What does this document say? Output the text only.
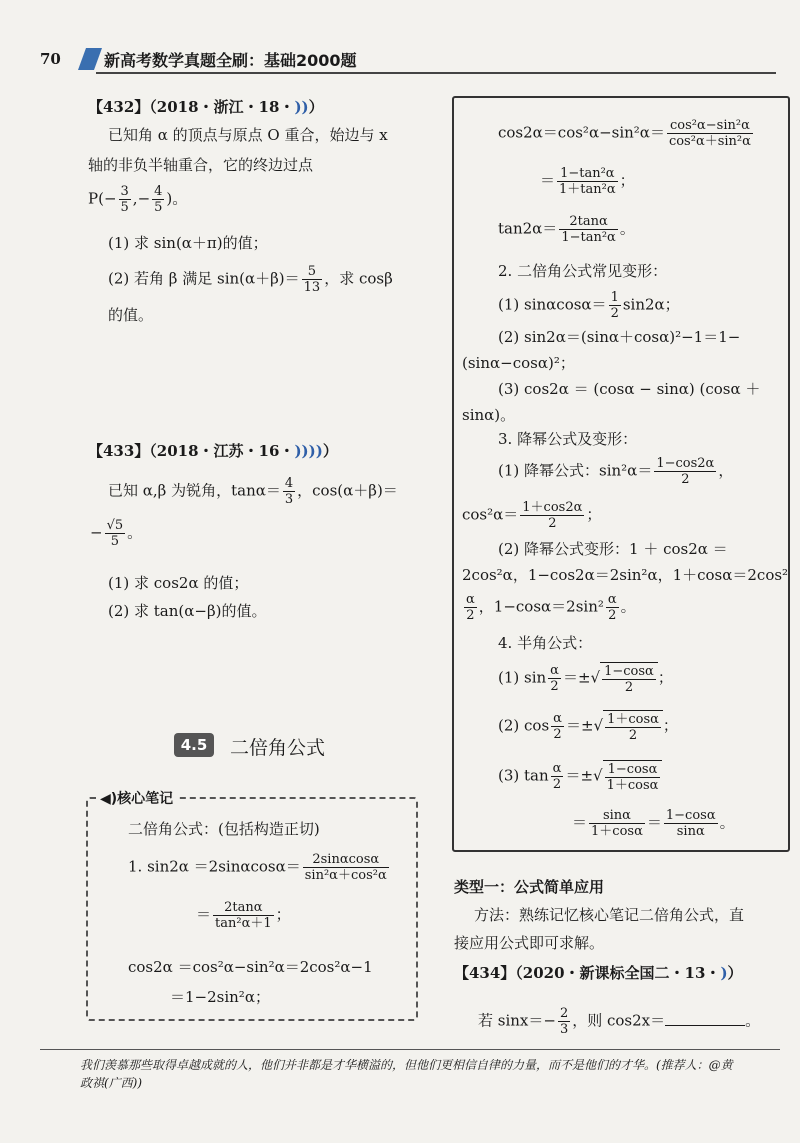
70	新高考数学真题全刷：基础2000题
【432】（2018・浙江・18・))）
已知角 α 的顶点与原点 O 重合，始边与 x
轴的非负半轴重合，它的终边过点
$P(- \frac{3}{5}$ ,− $\frac{4}{5}$ )。
(1) 求 sin(α＋π)的值；
(2) 若角 β 满足 $\sin(\alpha+\beta)= \frac{5}{13}$ ，求 cosβ
的值。
【433】（2018・江苏・16・))))）
已知 α,β 为锐角，$\tan\alpha= \frac{4}{3}$ ，cos(α＋β)＝
− $\frac{√5}{5}$ 。
(1) 求 cos2α 的值；
(2) 求 tan(α−β)的值。
4.5	二倍角公式
◀)核心笔记
二倍角公式：(包括构造正切)
1. $\sin 2\alpha =2\sin\alpha\cos\alpha= \frac{2\sin\alpha\cos\alpha}{\text{sin²α＋cos²α}}$
＝ $\frac{2\tan\alpha}{\text{tan²α＋1}}$ ；
cos2α ＝cos²α−sin²α＝2cos²α−1
＝1−2sin²α；
$\cos 2\alpha=\cos^2\alpha-\sin^2\alpha= \frac{\text{cos²α−sin²α}}{\text{cos²α＋sin²α}}$
＝ $\frac{\text{1−tan²α}}{\text{1＋tan²α}}$ ；
$\tan 2\alpha= \frac{2\tan\alpha}{\text{1−tan²α}}$ 。
2. 二倍角公式常见变形：
(1) $\sin\alpha\cos\alpha= \frac{1}{2} \sin 2\alpha$；
(2) sin2α＝(sinα＋cosα)²−1＝1−
(sinα−cosα)²；
(3) cos2α ＝ (cosα − sinα) (cosα ＋
sinα)。
3. 降幂公式及变形：
(1) 降幂公式：$\sin^2\alpha= \frac{1-\cos 2\alpha}{2}$ ，
$\cos^2\alpha= \frac{1+\cos 2\alpha}{2}$ ；
(2) 降幂公式变形：1 ＋ cos2α ＝
2cos²α，1−cos2α＝2sin²α，1＋cosα＝2cos²
$\frac{\alpha}{2}$ ，$1-\cos\alpha=2\sin^2 \frac{\alpha}{2}$ 。
4. 半角公式：
(1) $\sin \frac{\alpha}{2}$ ＝±√ $\frac{1-\cos\alpha}{2}$ ；
(2) $\cos \frac{\alpha}{2}$ ＝±√ $\frac{1+\cos\alpha}{2}$ ；
(3) $\tan \frac{\alpha}{2}$ ＝±√ $\frac{1-\cos\alpha}{1+\cos\alpha}$
＝ $\frac{\sin\alpha}{1+\cos\alpha} = \frac{1-\cos\alpha}{\sin\alpha}$ 。
类型一：公式简单应用
方法：熟练记忆核心笔记二倍角公式，直
接应用公式即可求解。
【434】（2020・新课标全国二・13・)）
若 $\sin x=- \frac{2}{3}$ ，则 cos2x＝	。
我们羡慕那些取得卓越成就的人，他们并非都是才华横溢的，但他们更相信自律的力量，而不是他们的才华。(推荐人：@黄
政祺(广西))
